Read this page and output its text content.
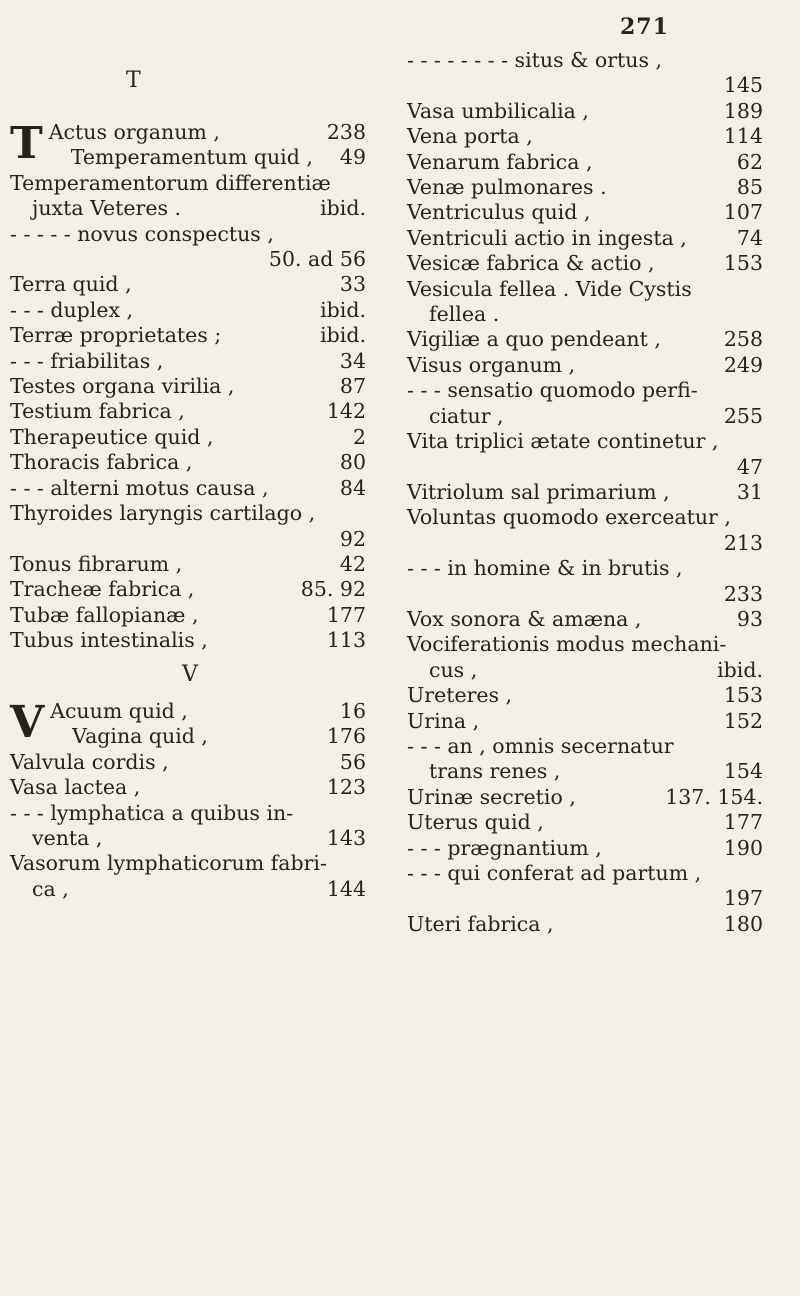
271
T
T	238
Actus organum ,
49
Temperamentum quid ,
Temperamentorum differentiæ
ibid.
juxta Veteres .
- - - - - novus conspectus ,
50. ad 56

33
Terra quid ,
ibid.
- - - duplex ,
ibid.
Terræ proprietates ;
34
- - - friabilitas ,
87
Testes organa virilia ,
142
Testium fabrica ,
2
Therapeutice quid ,
80
Thoracis fabrica ,
84
- - - alterni motus causa ,
Thyroides laryngis cartilago ,
92

42
Tonus fibrarum ,
85. 92
Tracheæ fabrica ,
177
Tubæ fallopianæ ,
113
Tubus intestinalis ,
V
V	16
Acuum quid ,
176
Vagina quid ,
56
Valvula cordis ,
123
Vasa lactea ,
- - - lymphatica a quibus in-
143
venta ,
Vasorum lymphaticorum fabri-
144
ca ,
- - - - - - - - situs & ortus ,
145

189
Vasa umbilicalia ,
114
Vena porta ,
62
Venarum fabrica ,
85
Venæ pulmonares .
107
Ventriculus quid ,
74
Ventriculi actio in ingesta ,
153
Vesicæ fabrica & actio ,
Vesicula fellea . Vide Cystis
fellea .
258
Vigiliæ a quo pendeant ,
249
Visus organum ,
- - - sensatio quomodo perfi-
255
ciatur ,
Vita triplici ætate continetur ,
47

31
Vitriolum sal primarium ,
Voluntas quomodo exerceatur ,
213

- - - in homine & in brutis ,
233

93
Vox sonora & amæna ,
Vociferationis modus mechani-
ibid.
cus ,
153
Ureteres ,
152
Urina ,
- - - an , omnis secernatur
154
trans renes ,
137. 154.
Urinæ secretio ,
177
Uterus quid ,
190
- - - prægnantium ,
- - - qui conferat ad partum ,
197

180
Uteri fabrica ,
